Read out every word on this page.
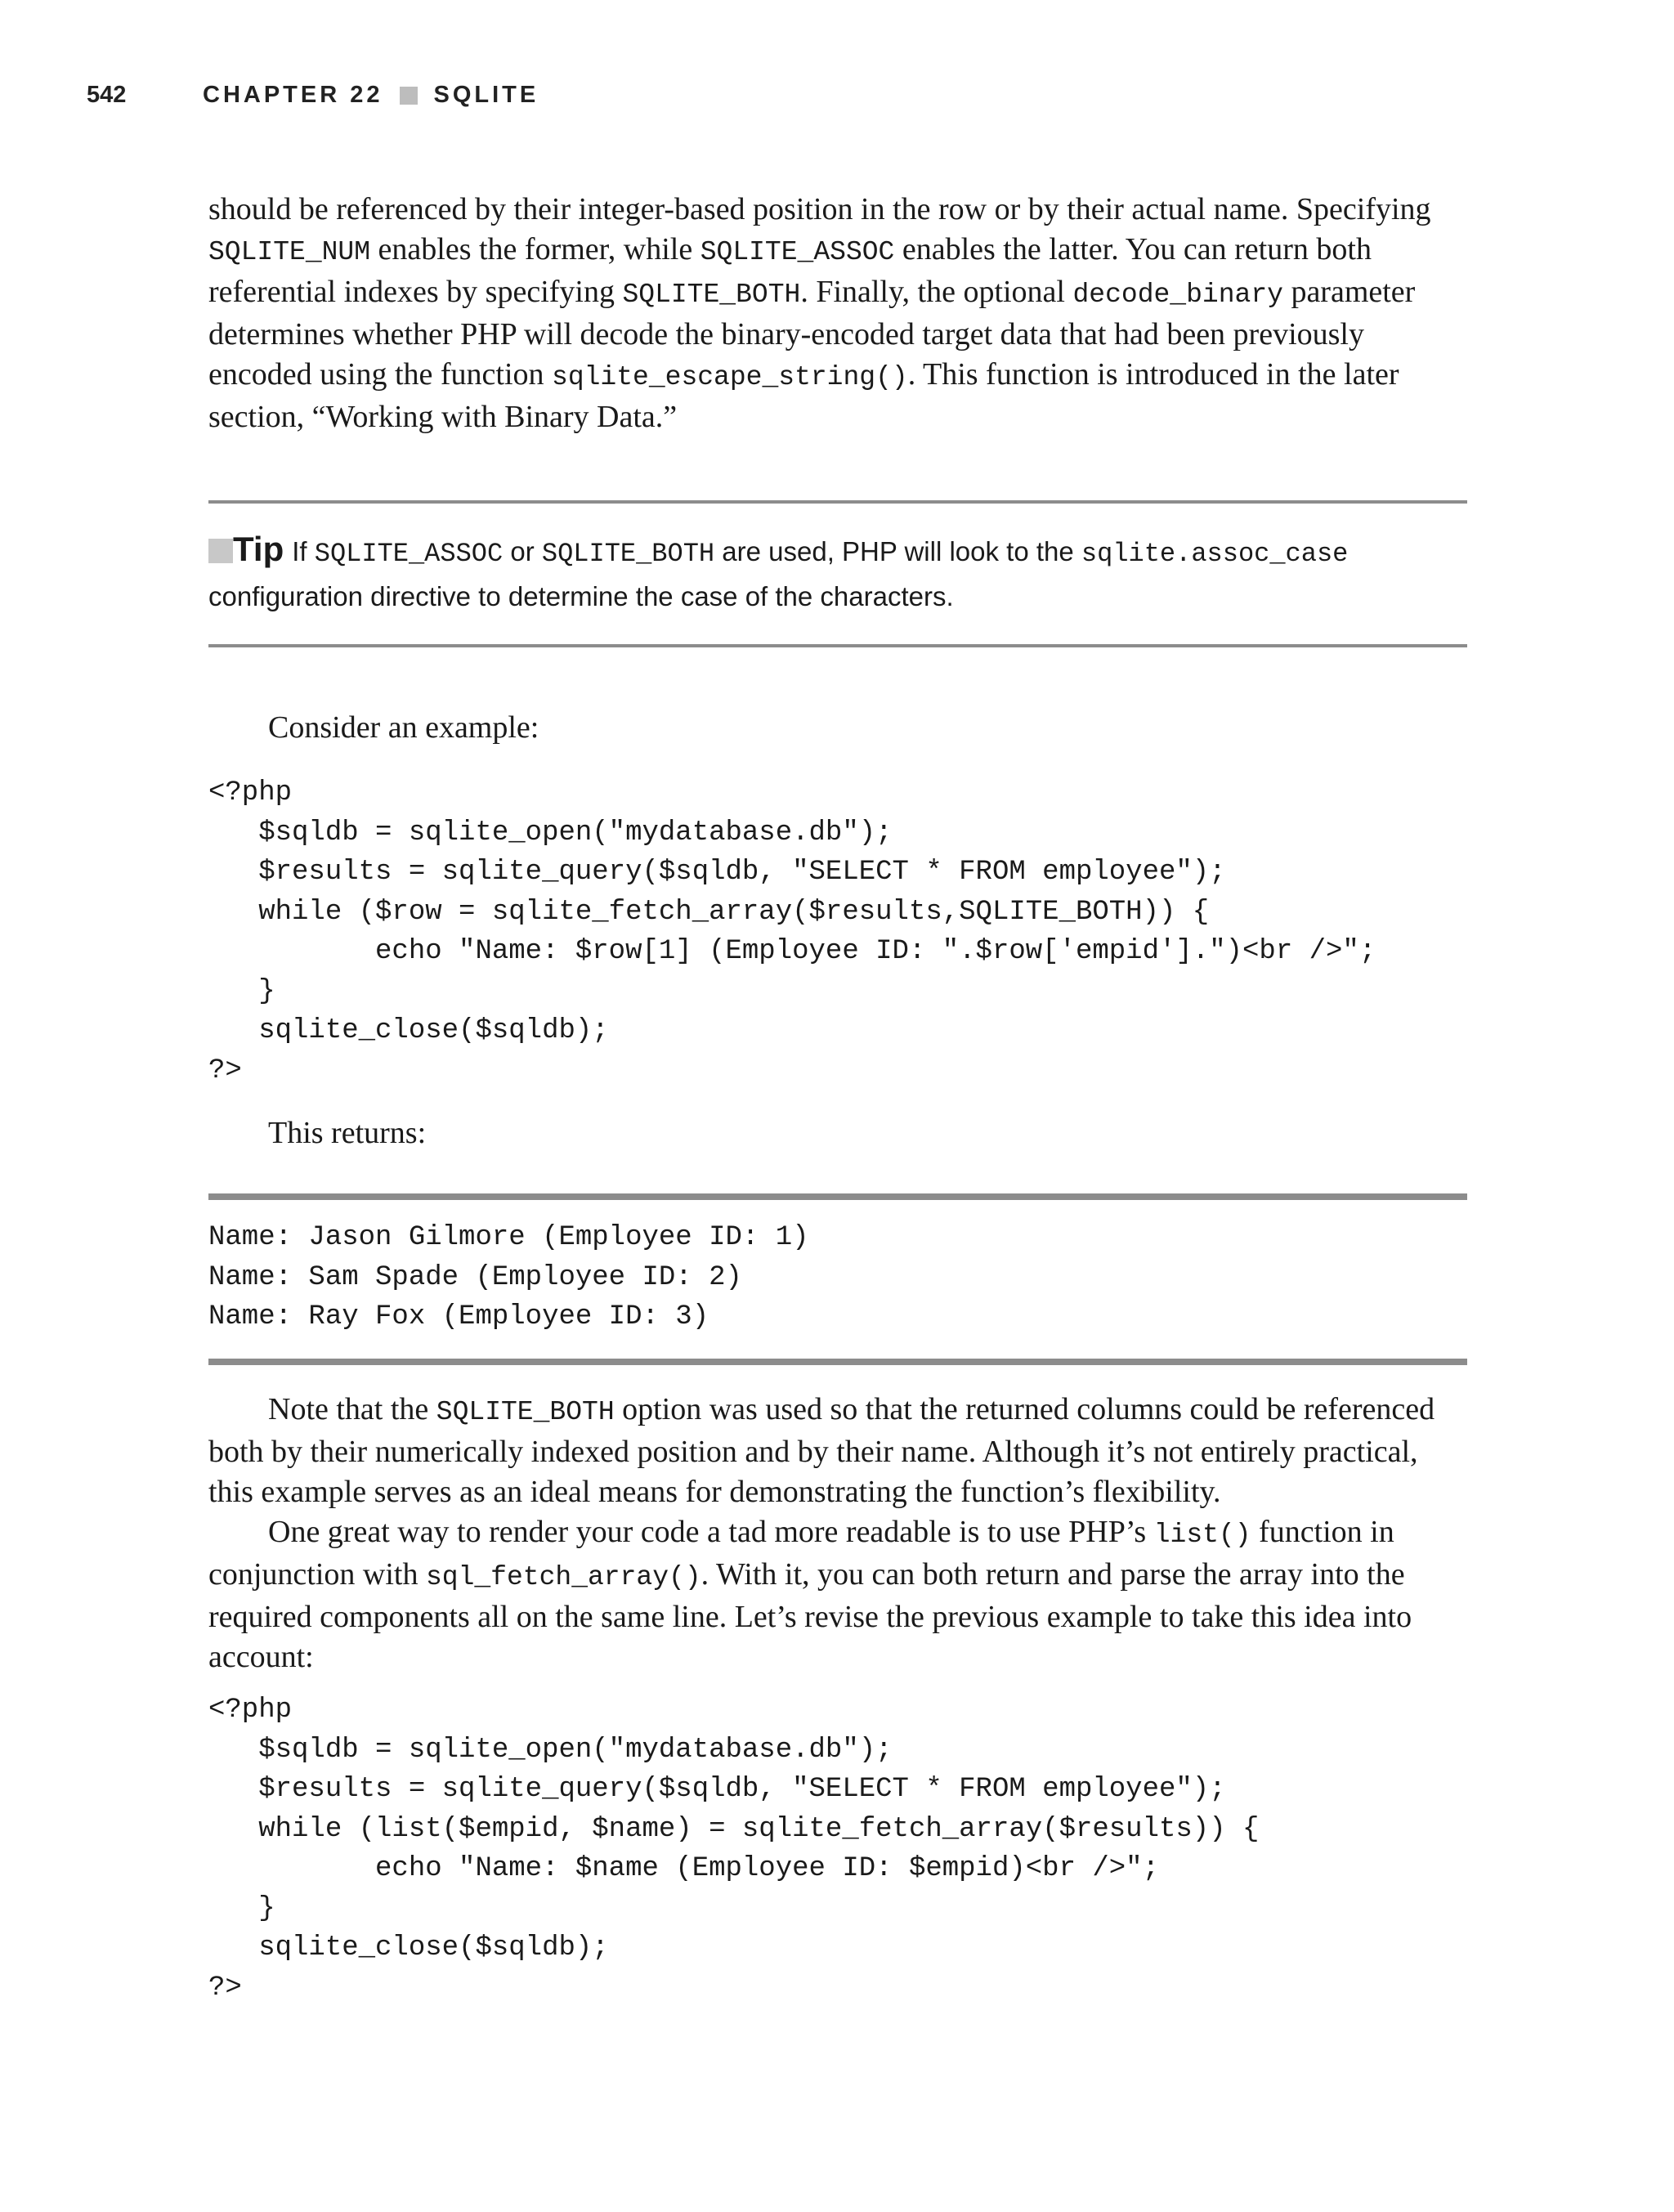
542	CHAPTER 22 SQLITE

should be referenced by their integer-based position in the row or by their actual name. Specifying SQLITE_NUM enables the former, while SQLITE_ASSOC enables the latter. You can return both referential indexes by specifying SQLITE_BOTH. Finally, the optional decode_binary parameter determines whether PHP will decode the binary-encoded target data that had been previously encoded using the function sqlite_escape_string(). This function is introduced in the later section, “Working with Binary Data.”

Tip If SQLITE_ASSOC or SQLITE_BOTH are used, PHP will look to the sqlite.assoc_case configuration directive to determine the case of the characters.

Consider an example:

<?php
$sqldb = sqlite_open("mydatabase.db");
$results = sqlite_query($sqldb, "SELECT * FROM employee");
while ($row = sqlite_fetch_array($results,SQLITE_BOTH)) {
echo "Name: $row[1] (Employee ID: ".$row['empid'].")<br />";
}
sqlite_close($sqldb);
?>

This returns:

Name: Jason Gilmore (Employee ID: 1)
Name: Sam Spade (Employee ID: 2)
Name: Ray Fox (Employee ID: 3)

Note that the SQLITE_BOTH option was used so that the returned columns could be referenced both by their numerically indexed position and by their name. Although it’s not entirely practical, this example serves as an ideal means for demonstrating the function’s flexibility.

One great way to render your code a tad more readable is to use PHP’s list() function in conjunction with sql_fetch_array(). With it, you can both return and parse the array into the required components all on the same line. Let’s revise the previous example to take this idea into account:

<?php
$sqldb = sqlite_open("mydatabase.db");
$results = sqlite_query($sqldb, "SELECT * FROM employee");
while (list($empid, $name) = sqlite_fetch_array($results)) {
echo "Name: $name (Employee ID: $empid)<br />";
}
sqlite_close($sqldb);
?>
